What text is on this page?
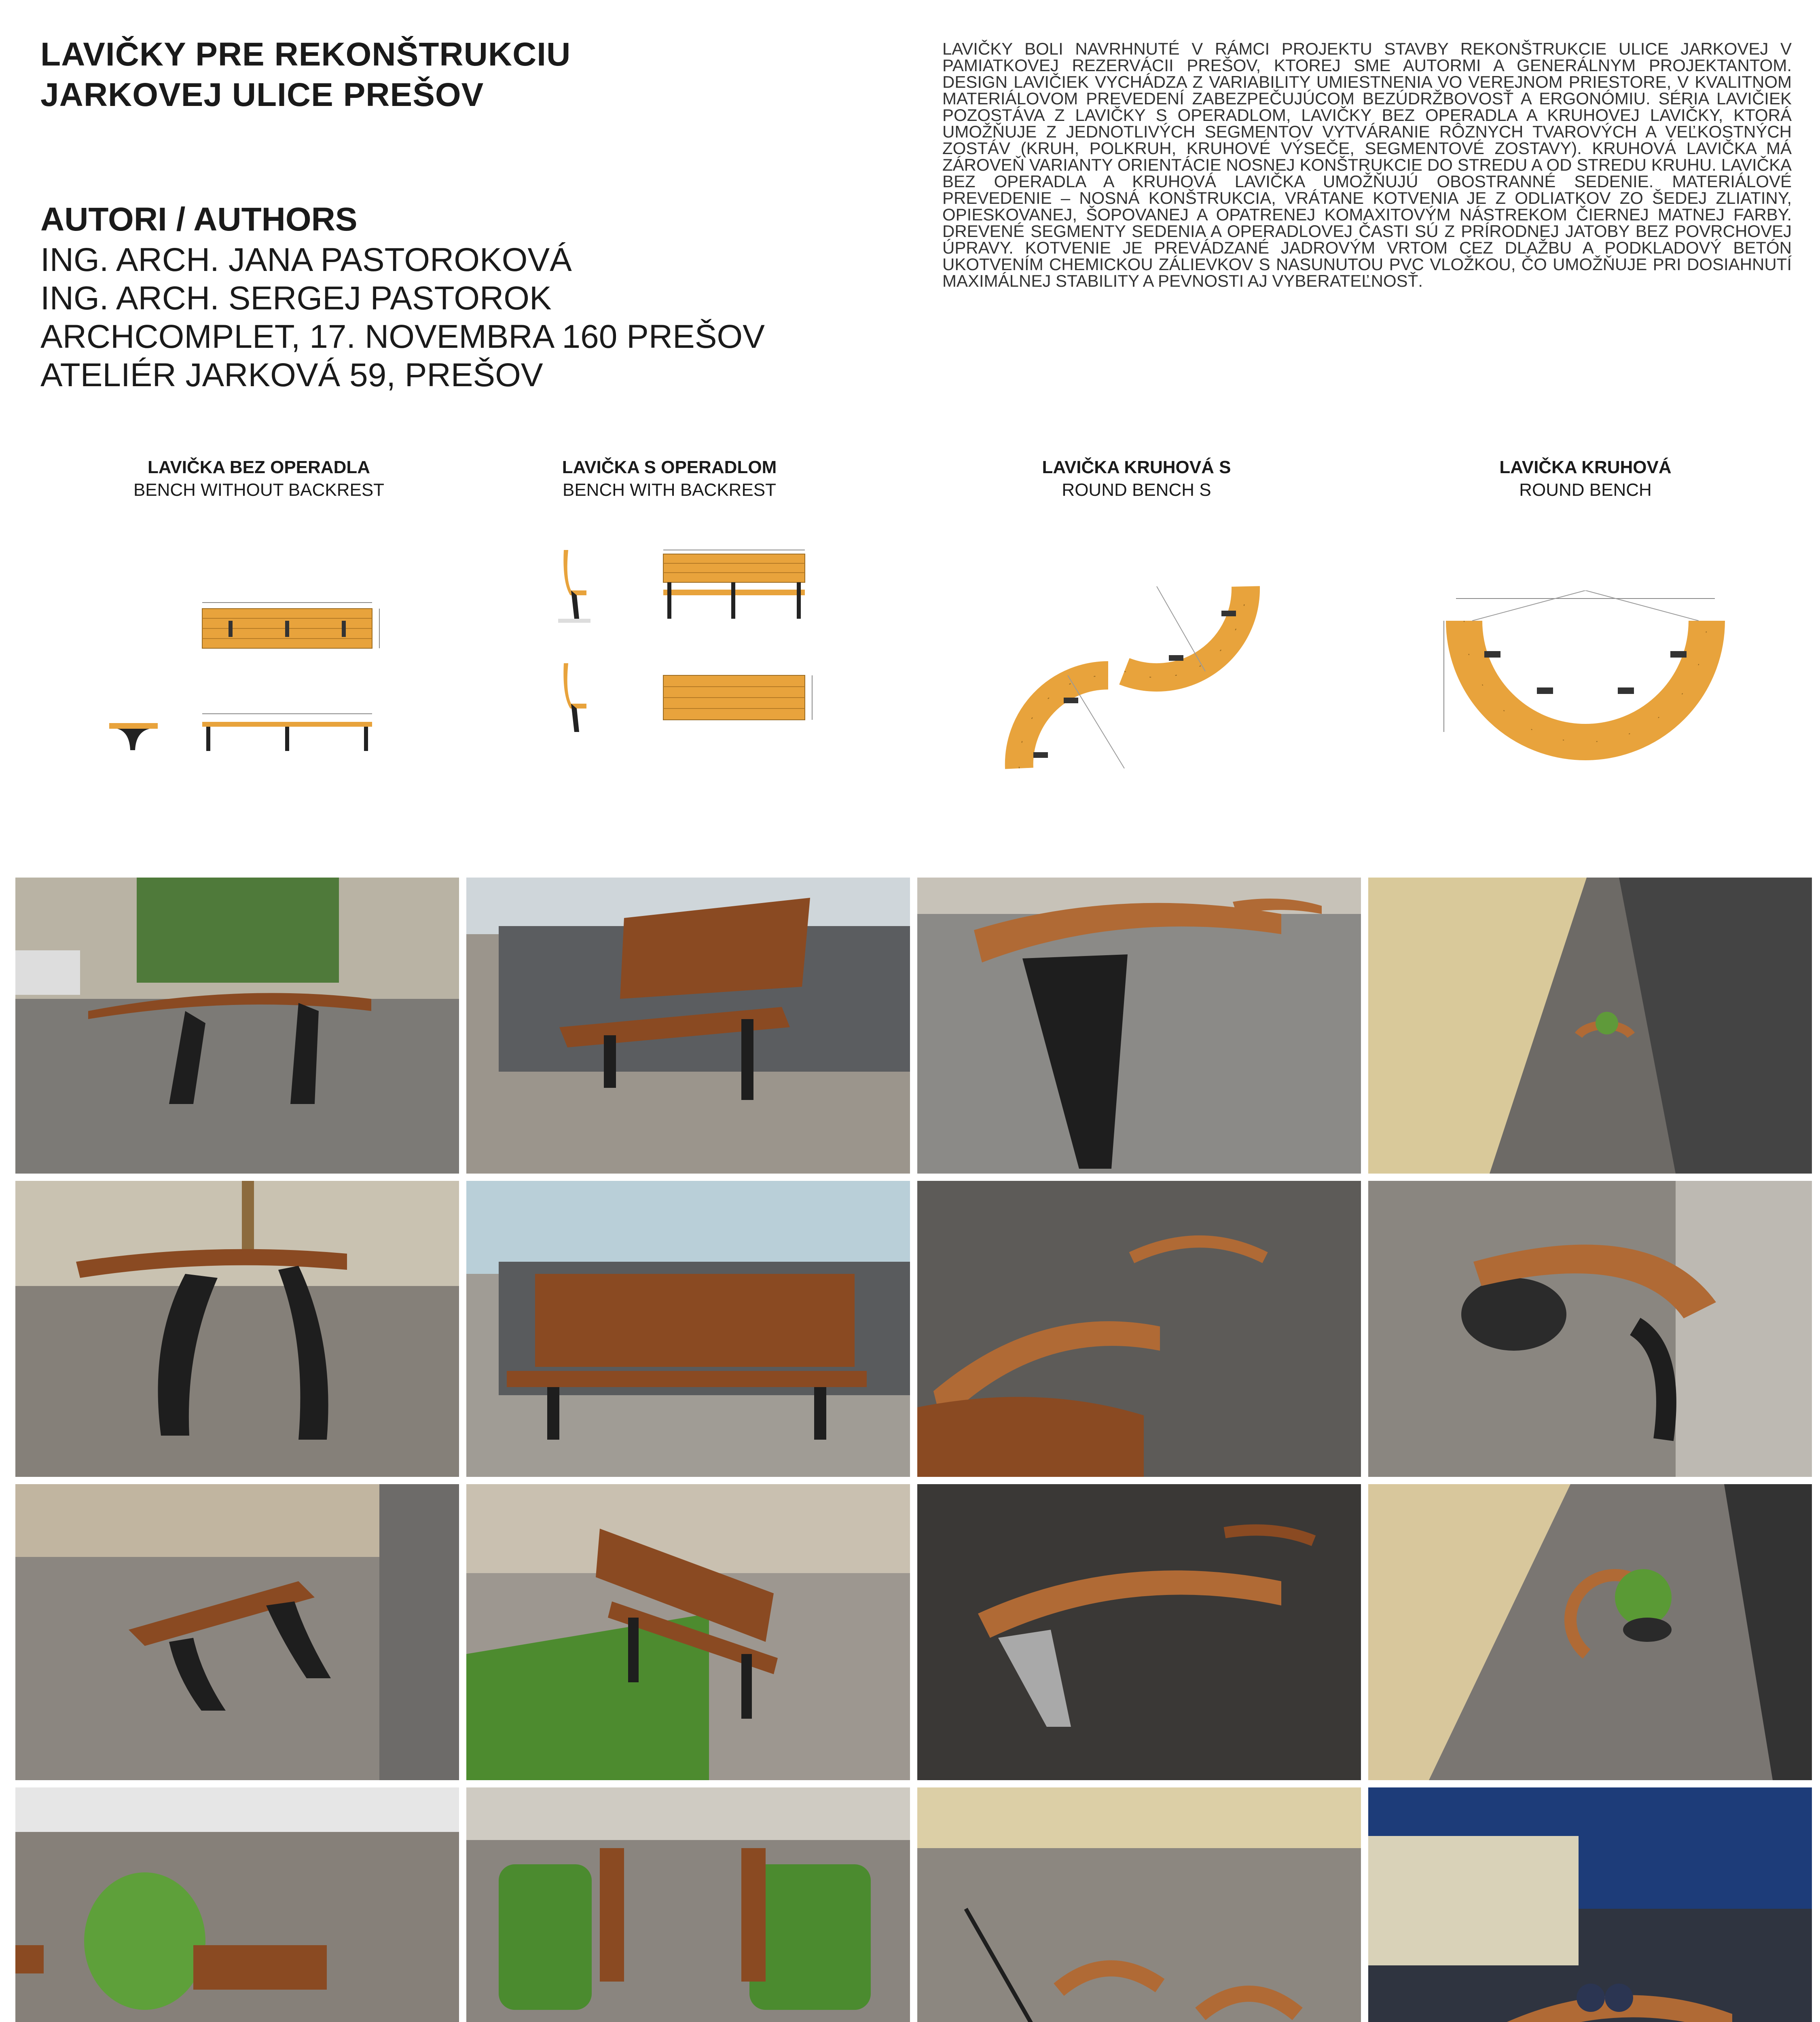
LAVIČKY PRE REKONŠTRUKCIU
JARKOVEJ ULICE PREŠOV
AUTORI / AUTHORS
ING. ARCH. JANA PASTOROKOVÁ
ING. ARCH. SERGEJ PASTOROK
ARCHCOMPLET, 17. NOVEMBRA 160 PREŠOV
ATELIÉR JARKOVÁ 59, PREŠOV
LAVIČKY BOLI NAVRHNUTÉ V RÁMCI PROJEKTU STAVBY REKONŠTRUKCIE ULICE JARKOVEJ V PAMIATKOVEJ REZERVÁCII PREŠOV, KTOREJ SME AUTORMI A GENERÁLNYM PROJEKTANTOM. DESIGN LAVIČIEK VYCHÁDZA Z VARIABILITY UMIESTNENIA VO VEREJNOM PRIESTORE, V KVALITNOM MATERIÁLOVOM PREVEDENÍ ZABEZPEČUJÚCOM BEZÚDRŽBOVOSŤ A ERGONÓMIU. SÉRIA LAVIČIEK POZOSTÁVA Z LAVIČKY S OPERADLOM, LAVIČKY BEZ OPERADLA A KRUHOVEJ LAVIČKY, KTORÁ UMOŽŇUJE Z JEDNOTLIVÝCH SEGMENTOV VYTVÁRANIE RÔZNYCH TVAROVÝCH A VEĽKOSTNÝCH ZOSTÁV (KRUH, POLKRUH, KRUHOVÉ VÝSEČE, SEGMENTOVÉ ZOSTAVY). KRUHOVÁ LAVIČKA MÁ ZÁROVEŇ VARIANTY ORIENTÁCIE NOSNEJ KONŠTRUKCIE DO STREDU A OD STREDU KRUHU. LAVIČKA BEZ OPERADLA A KRUHOVÁ LAVIČKA UMOŽŇUJÚ OBOSTRANNÉ SEDENIE. MATERIÁLOVÉ PREVEDENIE – NOSNÁ KONŠTRUKCIA, VRÁTANE KOTVENIA JE Z ODLIATKOV ZO ŠEDEJ ZLIATINY, OPIESKOVANEJ, ŠOPOVANEJ A OPATRENEJ KOMAXITOVÝM NÁSTREKOM ČIERNEJ MATNEJ FARBY. DREVENÉ SEGMENTY SEDENIA A OPERADLOVEJ ČASTI SÚ Z PRÍRODNEJ JATOBY BEZ POVRCHOVEJ ÚPRAVY. KOTVENIE JE PREVÁDZANÉ JADROVÝM VRTOM CEZ DLAŽBU A PODKLADOVÝ BETÓN UKOTVENÍM CHEMICKOU ZÁLIEVKOV S NASUNUTOU PVC VLOŽKOU, ČO UMOŽŇUJE PRI DOSIAHNUTÍ MAXIMÁLNEJ STABILITY A PEVNOSTI AJ VYBERATEĽNOSŤ.
LAVIČKA BEZ OPERADLA
BENCH WITHOUT BACKREST
LAVIČKA S OPERADLOM
BENCH WITH BACKREST
LAVIČKA KRUHOVÁ S
ROUND BENCH S
LAVIČKA KRUHOVÁ
ROUND BENCH
